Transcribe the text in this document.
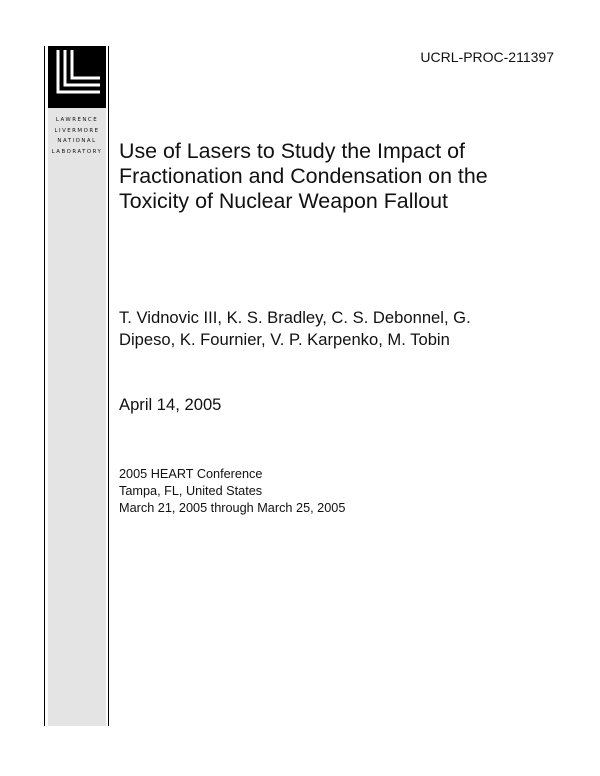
LAWRENCE
LIVERMORE
NATIONAL
LABORATORY
UCRL-PROC-211397
Use of Lasers to Study the Impact of
Fractionation and Condensation on the
Toxicity of Nuclear Weapon Fallout
T. Vidnovic III, K. S. Bradley, C. S. Debonnel, G.
Dipeso, K. Fournier, V. P. Karpenko, M. Tobin
April 14, 2005
2005 HEART Conference
Tampa, FL, United States
March 21, 2005 through March 25, 2005
